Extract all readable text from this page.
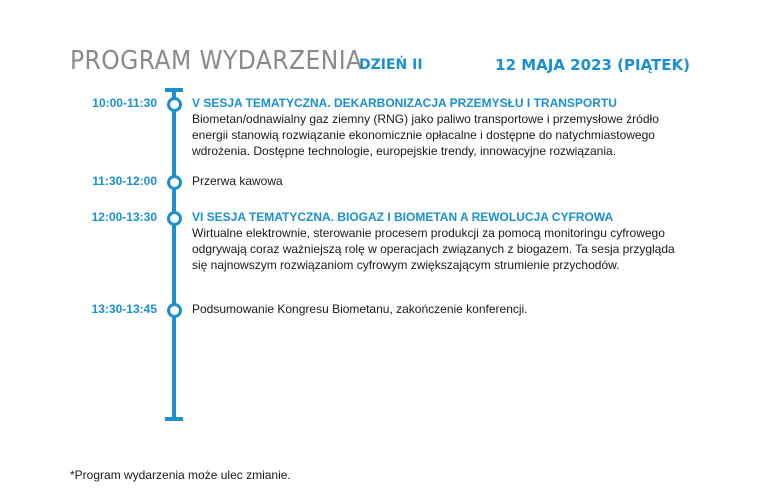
PROGRAM WYDARZENIA
DZIEŃ II	12 MAJA 2023 (PIĄTEK)
10:00-11:30	V SESJA TEMATYCZNA. DEKARBONIZACJA PRZEMYSŁU I TRANSPORTU
Biometan/odnawialny gaz ziemny (RNG) jako paliwo transportowe i przemysłowe źródło energii stanowią rozwiązanie ekonomicznie opłacalne i dostępne do natychmiastowego wdrożenia. Dostępne technologie, europejskie trendy, innowacyjne rozwiązania.
11:30-12:00	Przerwa kawowa
12:00-13:30	VI SESJA TEMATYCZNA. BIOGAZ I BIOMETAN A REWOLUCJA CYFROWA
Wirtualne elektrownie, sterowanie procesem produkcji za pomocą monitoringu cyfrowego odgrywają coraz ważniejszą rolę w operacjach związanych z biogazem. Ta sesja przygląda się najnowszym rozwiązaniom cyfrowym zwiększającym strumienie przychodów.
13:30-13:45	Podsumowanie Kongresu Biometanu, zakończenie konferencji.
*Program wydarzenia może ulec zmianie.
